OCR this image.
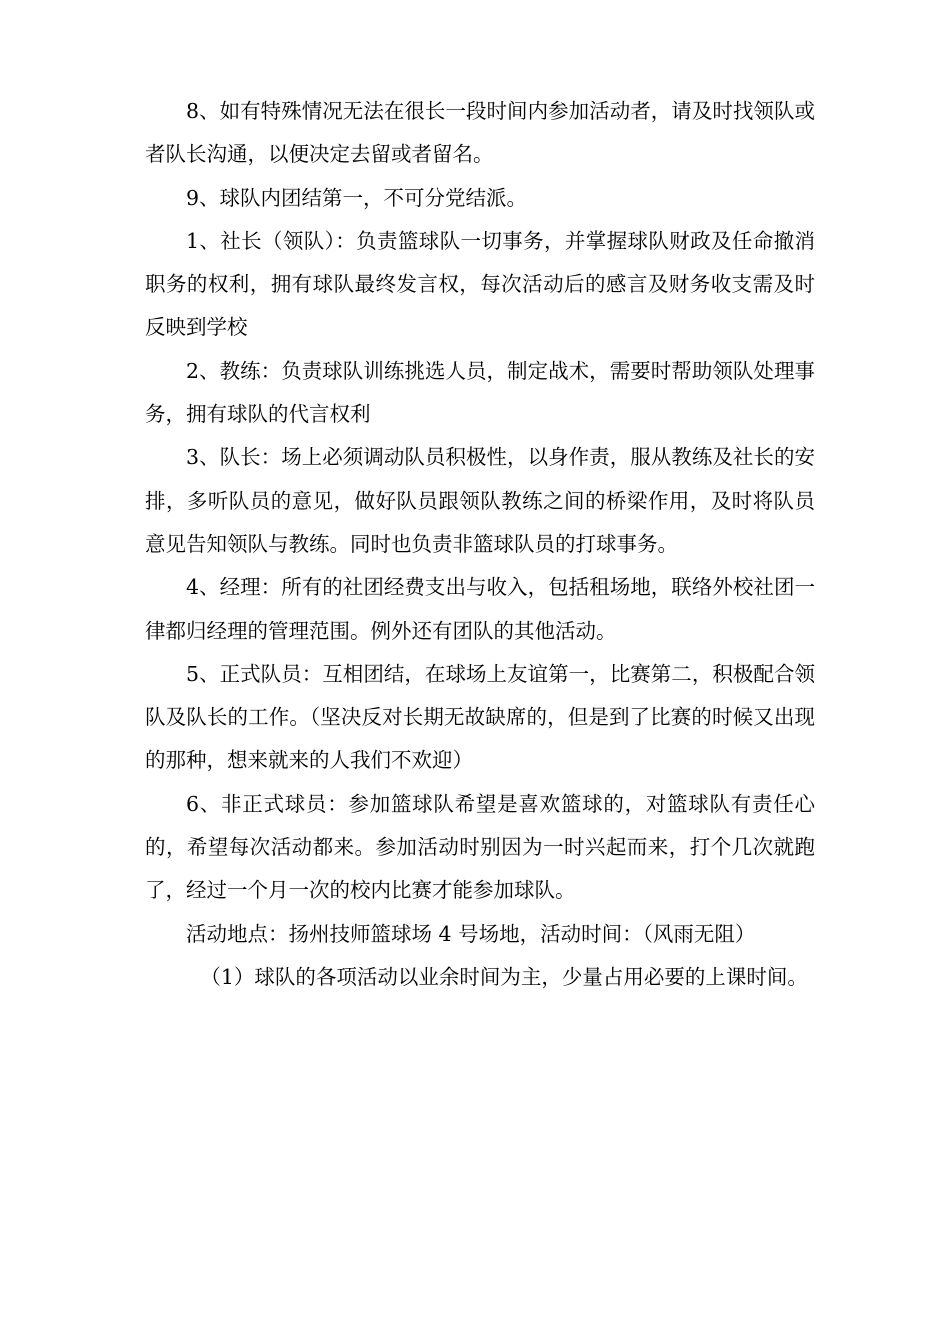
8、如有特殊情况无法在很长一段时间内参加活动者，请及时找领队或者队长沟通，以便决定去留或者留名。

9、球队内团结第一，不可分党结派。

1、社长（领队）：负责篮球队一切事务，并掌握球队财政及任命撤消职务的权利，拥有球队最终发言权，每次活动后的感言及财务收支需及时反映到学校

2、教练：负责球队训练挑选人员，制定战术，需要时帮助领队处理事务，拥有球队的代言权利

3、队长：场上必须调动队员积极性，以身作责，服从教练及社长的安排，多听队员的意见，做好队员跟领队教练之间的桥梁作用，及时将队员意见告知领队与教练。同时也负责非篮球队员的打球事务。

4、经理：所有的社团经费支出与收入，包括租场地，联络外校社团一律都归经理的管理范围。例外还有团队的其他活动。

5、正式队员：互相团结，在球场上友谊第一，比赛第二，积极配合领队及队长的工作。（坚决反对长期无故缺席的，但是到了比赛的时候又出现的那种，想来就来的人我们不欢迎）

6、非正式球员：参加篮球队希望是喜欢篮球的，对篮球队有责任心的，希望每次活动都来。参加活动时别因为一时兴起而来，打个几次就跑了，经过一个月一次的校内比赛才能参加球队。

活动地点：扬州技师篮球场 4 号场地，活动时间：（风雨无阻）

（1）球队的各项活动以业余时间为主，少量占用必要的上课时间。
